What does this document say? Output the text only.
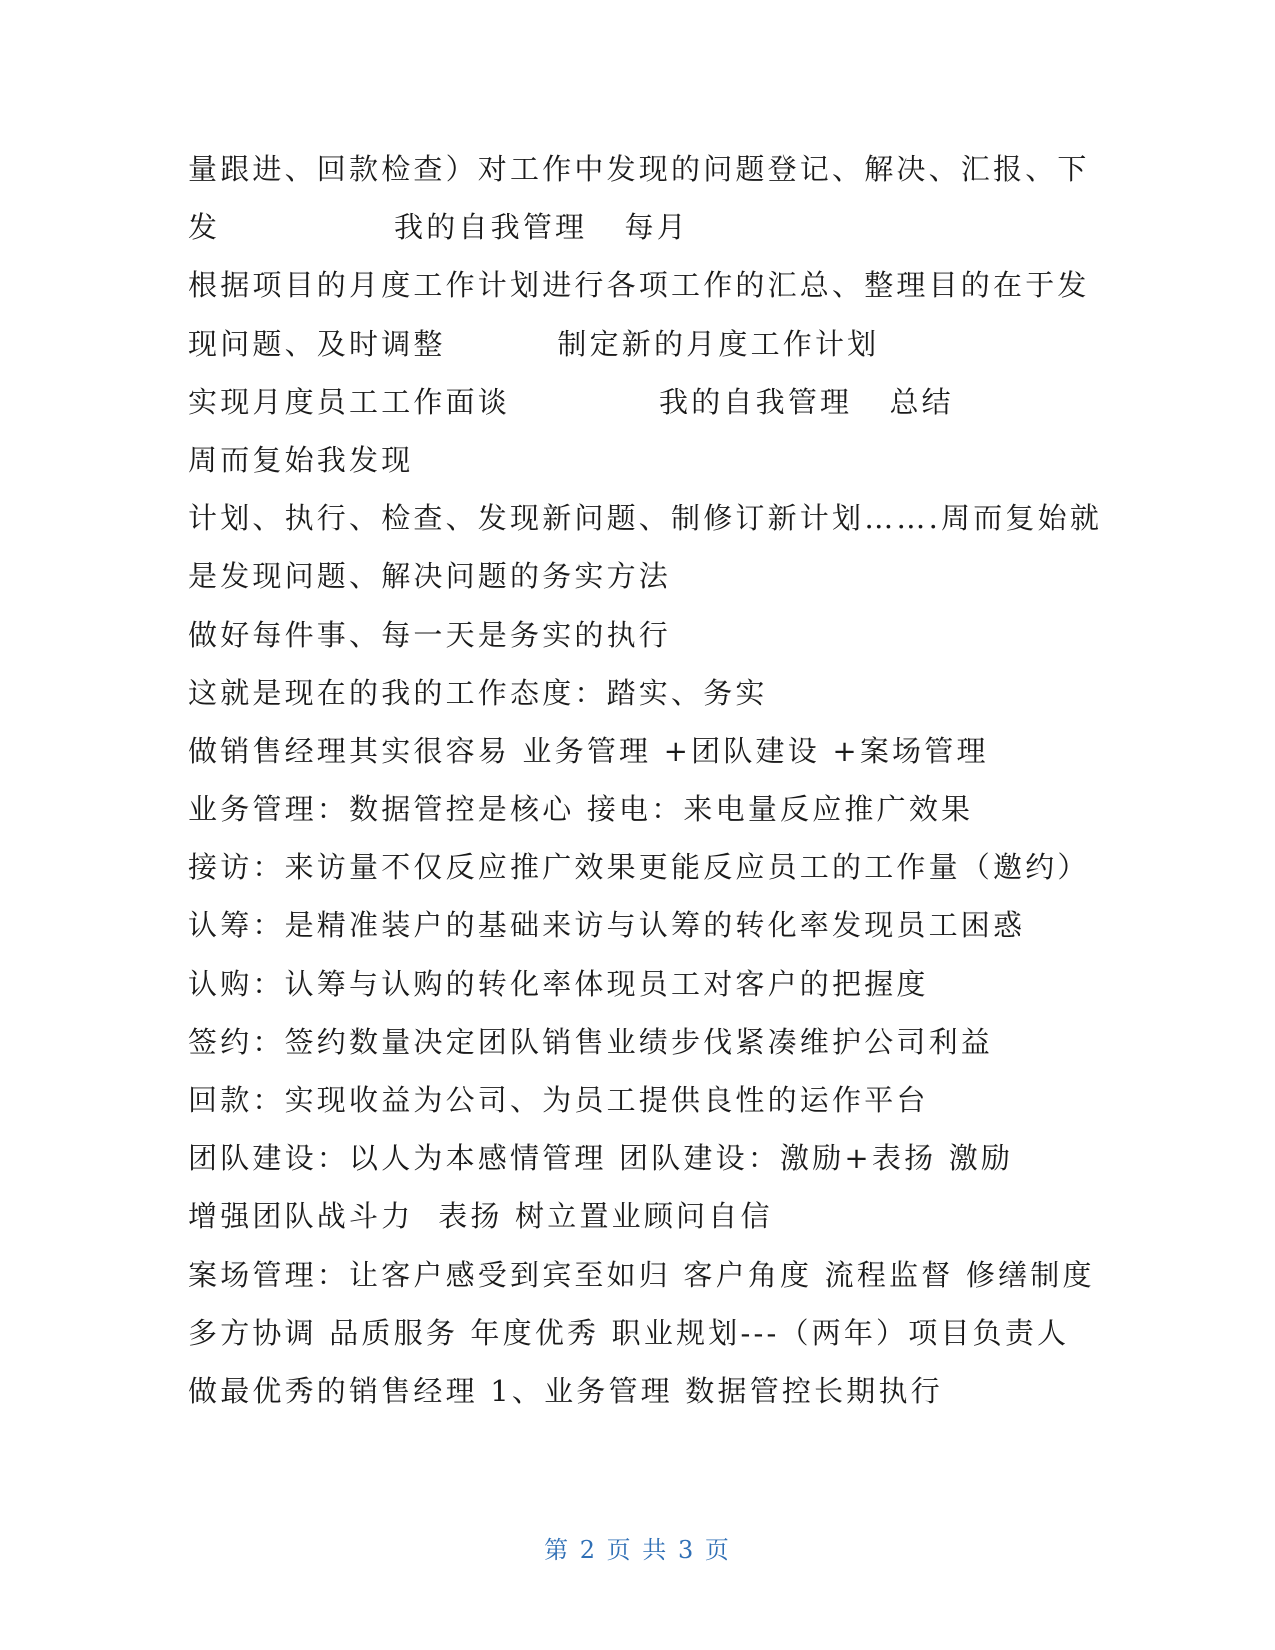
量跟进、回款检查）对工作中发现的问题登记、解决、汇报、下

发              我的自我管理   每月

根据项目的月度工作计划进行各项工作的汇总、整理目的在于发

现问题、及时调整         制定新的月度工作计划

实现月度员工工作面谈            我的自我管理   总结

周而复始我发现

计划、执行、检查、发现新问题、制修订新计划…….周而复始就

是发现问题、解决问题的务实方法

做好每件事、每一天是务实的执行

这就是现在的我的工作态度：踏实、务实

做销售经理其实很容易 业务管理 +团队建设 +案场管理

业务管理：数据管控是核心 接电：来电量反应推广效果

接访：来访量不仅反应推广效果更能反应员工的工作量（邀约）

认筹：是精准装户的基础来访与认筹的转化率发现员工困惑

认购：认筹与认购的转化率体现员工对客户的把握度

签约：签约数量决定团队销售业绩步伐紧凑维护公司利益

回款：实现收益为公司、为员工提供良性的运作平台

团队建设：以人为本感情管理 团队建设：激励+表扬 激励

增强团队战斗力  表扬 树立置业顾问自信

案场管理：让客户感受到宾至如归 客户角度 流程监督 修缮制度

多方协调 品质服务 年度优秀 职业规划---（两年）项目负责人

做最优秀的销售经理 1、业务管理 数据管控长期执行

第 2 页 共 3 页
